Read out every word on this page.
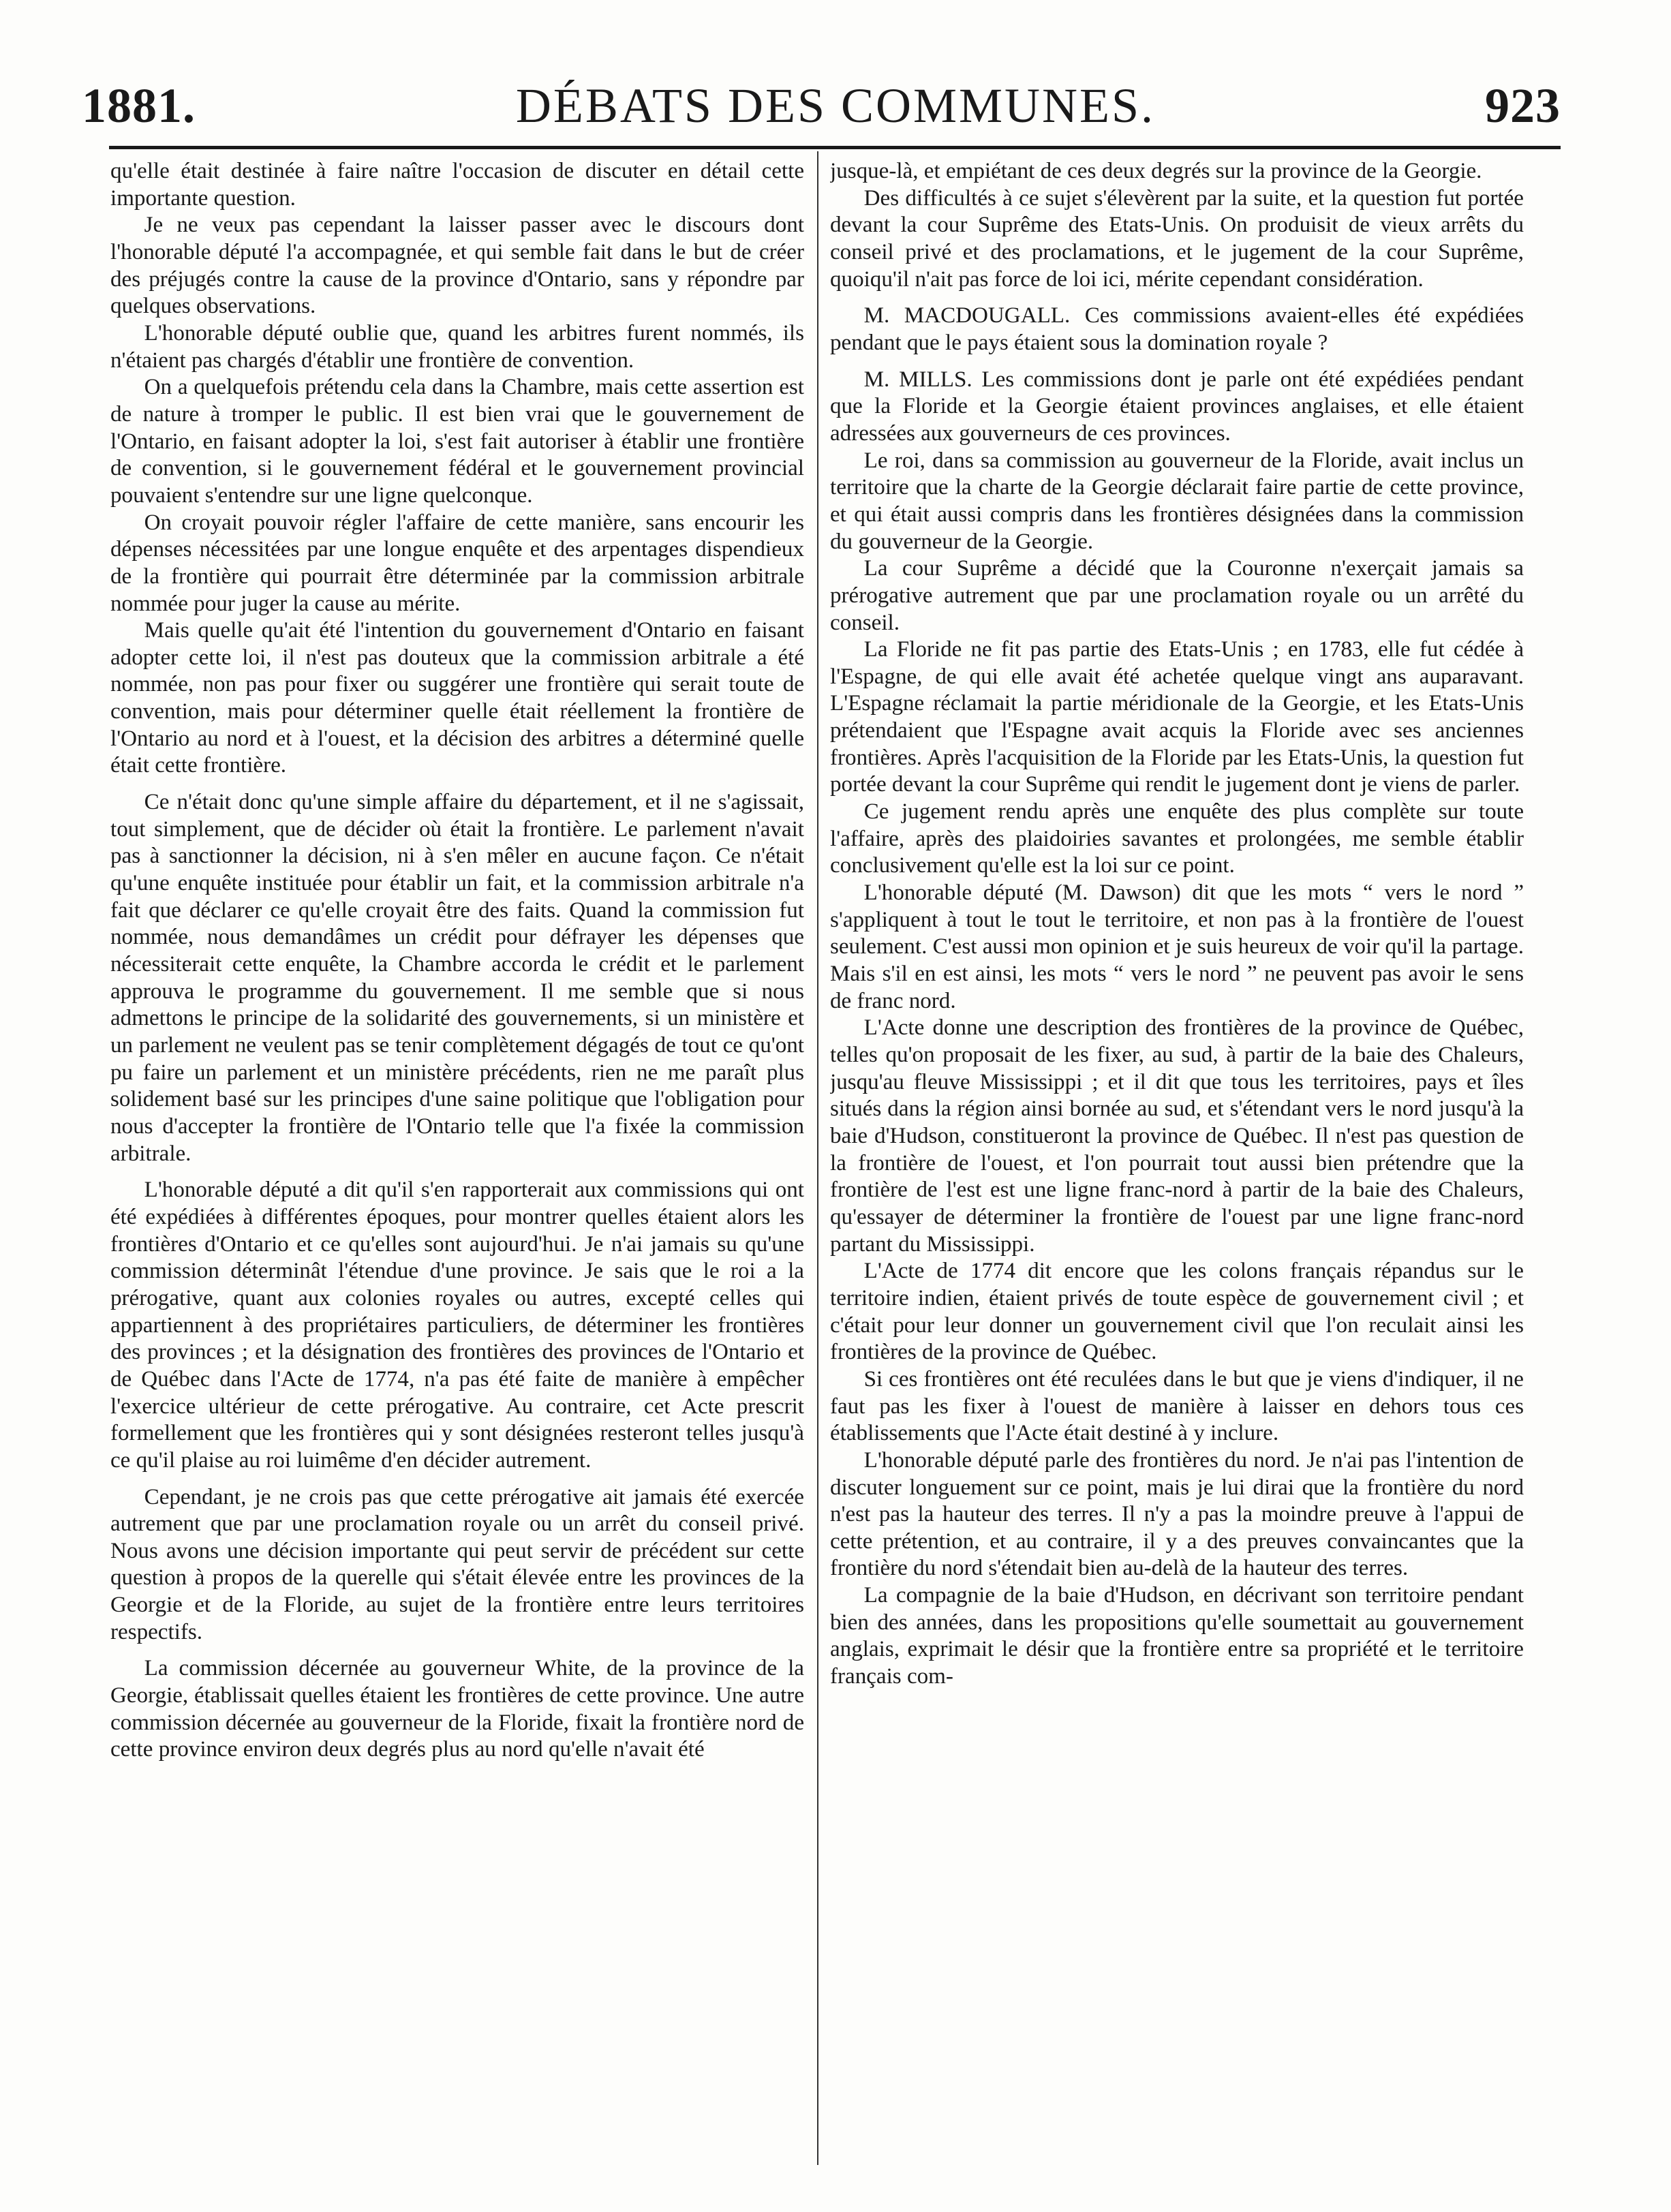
1881.	DÉBATS DES COMMUNES.	923

qu'elle était destinée à faire naître l'occasion de discuter en détail cette importante question.

Je ne veux pas cependant la laisser passer avec le discours dont l'honorable député l'a accompagnée, et qui semble fait dans le but de créer des préjugés contre la cause de la province d'Ontario, sans y répondre par quelques observations.

L'honorable député oublie que, quand les arbitres furent nommés, ils n'étaient pas chargés d'établir une frontière de convention.

On a quelquefois prétendu cela dans la Chambre, mais cette assertion est de nature à tromper le public. Il est bien vrai que le gouvernement de l'Ontario, en faisant adopter la loi, s'est fait autoriser à établir une frontière de convention, si le gouvernement fédéral et le gouvernement provincial pouvaient s'entendre sur une ligne quelconque.

On croyait pouvoir régler l'affaire de cette manière, sans encourir les dépenses nécessitées par une longue enquête et des arpentages dispendieux de la frontière qui pourrait être déterminée par la commission arbitrale nommée pour juger la cause au mérite.

Mais quelle qu'ait été l'intention du gouvernement d'Ontario en faisant adopter cette loi, il n'est pas douteux que la commission arbitrale a été nommée, non pas pour fixer ou suggérer une frontière qui serait toute de convention, mais pour déterminer quelle était réellement la frontière de l'Ontario au nord et à l'ouest, et la décision des arbitres a déterminé quelle était cette frontière.

Ce n'était donc qu'une simple affaire du département, et il ne s'agissait, tout simplement, que de décider où était la frontière. Le parlement n'avait pas à sanctionner la décision, ni à s'en mêler en aucune façon. Ce n'était qu'une enquête instituée pour établir un fait, et la commission arbitrale n'a fait que déclarer ce qu'elle croyait être des faits. Quand la commission fut nommée, nous demandâmes un crédit pour défrayer les dépenses que nécessiterait cette enquête, la Chambre accorda le crédit et le parlement approuva le programme du gouvernement. Il me semble que si nous admettons le principe de la solidarité des gouvernements, si un ministère et un parlement ne veulent pas se tenir complètement dégagés de tout ce qu'ont pu faire un parlement et un ministère précédents, rien ne me paraît plus solidement basé sur les principes d'une saine politique que l'obligation pour nous d'accepter la frontière de l'Ontario telle que l'a fixée la commission arbitrale.

L'honorable député a dit qu'il s'en rapporterait aux commissions qui ont été expédiées à différentes époques, pour montrer quelles étaient alors les frontières d'Ontario et ce qu'elles sont aujourd'hui. Je n'ai jamais su qu'une commission déterminât l'étendue d'une province. Je sais que le roi a la prérogative, quant aux colonies royales ou autres, excepté celles qui appartiennent à des propriétaires particuliers, de déterminer les frontières des provinces ; et la désignation des frontières des provinces de l'Ontario et de Québec dans l'Acte de 1774, n'a pas été faite de manière à empêcher l'exercice ultérieur de cette prérogative. Au contraire, cet Acte prescrit formellement que les frontières qui y sont désignées resteront telles jusqu'à ce qu'il plaise au roi luimême d'en décider autrement.

Cependant, je ne crois pas que cette prérogative ait jamais été exercée autrement que par une proclamation royale ou un arrêt du conseil privé. Nous avons une décision importante qui peut servir de précédent sur cette question à propos de la querelle qui s'était élevée entre les provinces de la Georgie et de la Floride, au sujet de la frontière entre leurs territoires respectifs.

La commission décernée au gouverneur White, de la province de la Georgie, établissait quelles étaient les frontières de cette province. Une autre commission décernée au gouverneur de la Floride, fixait la frontière nord de cette province environ deux degrés plus au nord qu'elle n'avait été

jusque-là, et empiétant de ces deux degrés sur la province de la Georgie.

Des difficultés à ce sujet s'élevèrent par la suite, et la question fut portée devant la cour Suprême des Etats-Unis. On produisit de vieux arrêts du conseil privé et des proclamations, et le jugement de la cour Suprême, quoiqu'il n'ait pas force de loi ici, mérite cependant considération.

M. MACDOUGALL. Ces commissions avaient-elles été expédiées pendant que le pays étaient sous la domination royale ?

M. MILLS. Les commissions dont je parle ont été expédiées pendant que la Floride et la Georgie étaient provinces anglaises, et elle étaient adressées aux gouverneurs de ces provinces.

Le roi, dans sa commission au gouverneur de la Floride, avait inclus un territoire que la charte de la Georgie déclarait faire partie de cette province, et qui était aussi compris dans les frontières désignées dans la commission du gouverneur de la Georgie.

La cour Suprême a décidé que la Couronne n'exerçait jamais sa prérogative autrement que par une proclamation royale ou un arrêté du conseil.

La Floride ne fit pas partie des Etats-Unis ; en 1783, elle fut cédée à l'Espagne, de qui elle avait été achetée quelque vingt ans auparavant. L'Espagne réclamait la partie méridionale de la Georgie, et les Etats-Unis prétendaient que l'Espagne avait acquis la Floride avec ses anciennes frontières. Après l'acquisition de la Floride par les Etats-Unis, la question fut portée devant la cour Suprême qui rendit le jugement dont je viens de parler.

Ce jugement rendu après une enquête des plus complète sur toute l'affaire, après des plaidoiries savantes et prolongées, me semble établir conclusivement qu'elle est la loi sur ce point.

L'honorable député (M. Dawson) dit que les mots “ vers le nord ” s'appliquent à tout le tout le territoire, et non pas à la frontière de l'ouest seulement. C'est aussi mon opinion et je suis heureux de voir qu'il la partage. Mais s'il en est ainsi, les mots “ vers le nord ” ne peuvent pas avoir le sens de franc nord.

L'Acte donne une description des frontières de la province de Québec, telles qu'on proposait de les fixer, au sud, à partir de la baie des Chaleurs, jusqu'au fleuve Mississippi ; et il dit que tous les territoires, pays et îles situés dans la région ainsi bornée au sud, et s'étendant vers le nord jusqu'à la baie d'Hudson, constitueront la province de Québec. Il n'est pas question de la frontière de l'ouest, et l'on pourrait tout aussi bien prétendre que la frontière de l'est est une ligne franc-nord à partir de la baie des Chaleurs, qu'essayer de déterminer la frontière de l'ouest par une ligne franc-nord partant du Mississippi.

L'Acte de 1774 dit encore que les colons français répandus sur le territoire indien, étaient privés de toute espèce de gouvernement civil ; et c'était pour leur donner un gouvernement civil que l'on reculait ainsi les frontières de la province de Québec.

Si ces frontières ont été reculées dans le but que je viens d'indiquer, il ne faut pas les fixer à l'ouest de manière à laisser en dehors tous ces établissements que l'Acte était destiné à y inclure.

L'honorable député parle des frontières du nord. Je n'ai pas l'intention de discuter longuement sur ce point, mais je lui dirai que la frontière du nord n'est pas la hauteur des terres. Il n'y a pas la moindre preuve à l'appui de cette prétention, et au contraire, il y a des preuves convaincantes que la frontière du nord s'étendait bien au-delà de la hauteur des terres.

La compagnie de la baie d'Hudson, en décrivant son territoire pendant bien des années, dans les propositions qu'elle soumettait au gouvernement anglais, exprimait le désir que la frontière entre sa propriété et le territoire français com-
